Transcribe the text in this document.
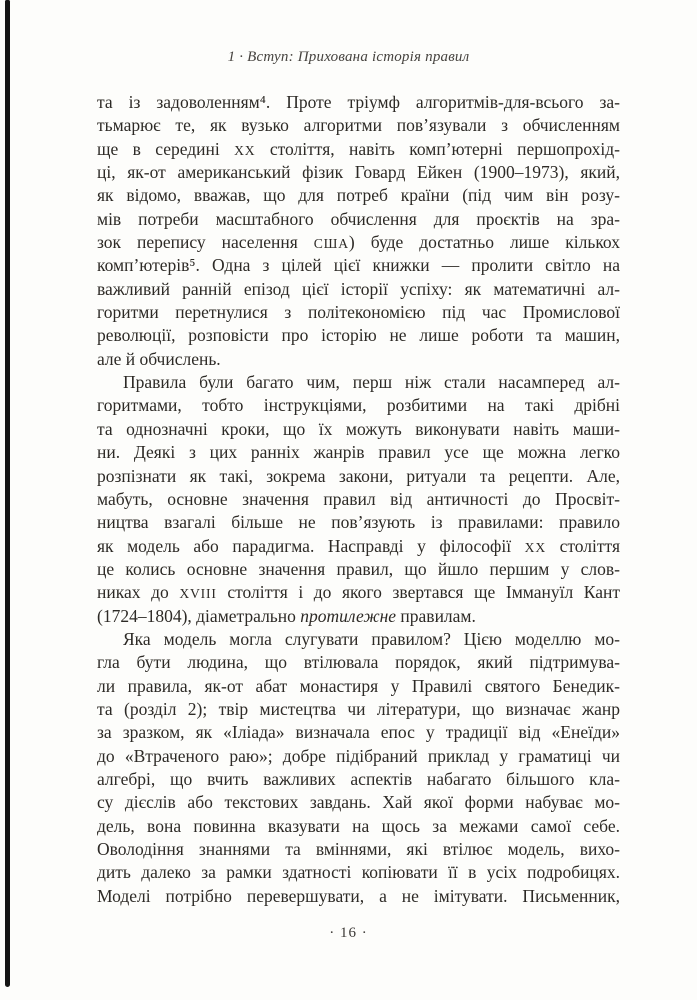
1 · Вступ: Прихована історія правил
та із задоволенням⁴. Проте тріумф алгоритмів-для-всього за-
тьмарює те, як вузько алгоритми пов’язували з обчисленням
ще в середині XX століття, навіть комп’ютерні першопрохід-
ці, як-от американський фізик Говард Ейкен (1900–1973), який,
як відомо, вважав, що для потреб країни (під чим він розу-
мів потреби масштабного обчислення для проєктів на зра-
зок перепису населення США) буде достатньо лише кількох
комп’ютерів⁵. Одна з цілей цієї книжки — пролити світло на
важливий ранній епізод цієї історії успіху: як математичні ал-
горитми перетнулися з політекономією під час Промислової
революції, розповісти про історію не лише роботи та машин,
але й обчислень.
Правила були багато чим, перш ніж стали насамперед ал-
горитмами, тобто інструкціями, розбитими на такі дрібні
та однозначні кроки, що їх можуть виконувати навіть маши-
ни. Деякі з цих ранніх жанрів правил усе ще можна легко
розпізнати як такі, зокрема закони, ритуали та рецепти. Але,
мабуть, основне значення правил від античності до Просвіт-
ництва взагалі більше не пов’язують із правилами: правило
як модель або парадигма. Насправді у філософії XX століття
це колись основне значення правил, що йшло першим у слов-
никах до XVIII століття і до якого звертався ще Іммануїл Кант
(1724–1804), діаметрально протилежне правилам.
Яка модель могла слугувати правилом? Цією моделлю мо-
гла бути людина, що втілювала порядок, який підтримува-
ли правила, як-от абат монастиря у Правилі святого Бенедик-
та (розділ 2); твір мистецтва чи літератури, що визначає жанр
за зразком, як «Іліада» визначала епос у традиції від «Енеїди»
до «Втраченого раю»; добре підібраний приклад у граматиці чи
алгебрі, що вчить важливих аспектів набагато більшого кла-
су дієслів або текстових завдань. Хай якої форми набуває мо-
дель, вона повинна вказувати на щось за межами самої себе.
Оволодіння знаннями та вміннями, які втілює модель, вихо-
дить далеко за рамки здатності копіювати її в усіх подробицях.
Моделі потрібно перевершувати, а не імітувати. Письменник,
· 16 ·
